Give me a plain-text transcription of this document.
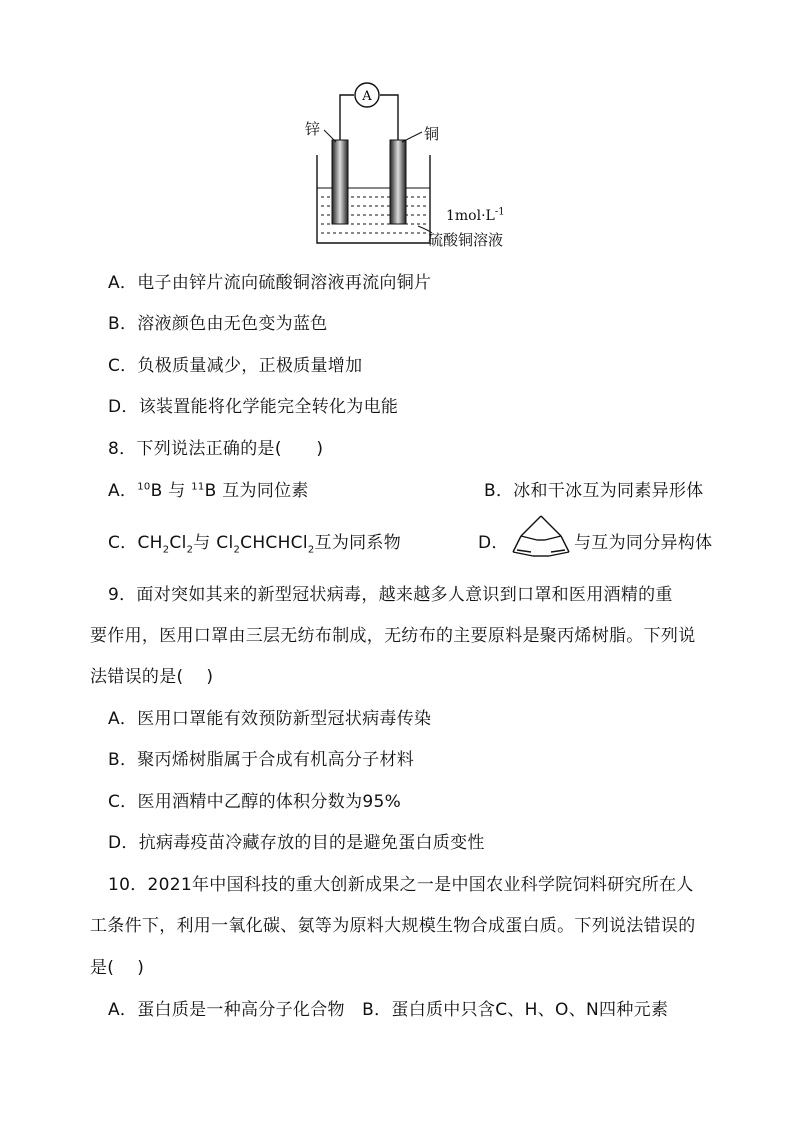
A
锌	铜
$1mol\cdot L^{-1}$
硫酸铜溶液
A．电子由锌片流向硫酸铜溶液再流向铜片
B．溶液颜色由无色变为蓝色
C．负极质量减少，正极质量增加
D．该装置能将化学能完全转化为电能
8．下列说法正确的是(　　)
A．$^{10}$B 与 $^{11}$B 互为同位素	B．冰和干冰互为同素异形体
C．$CH_2Cl_2$与 $Cl_2CHCHCl_2$互为同系物	D．	与互为同分异构体
9．面对突如其来的新型冠状病毒，越来越多人意识到口罩和医用酒精的重
要作用，医用口罩由三层无纺布制成，无纺布的主要原料是聚丙烯树脂。下列说
法错误的是(　 )
A．医用口罩能有效预防新型冠状病毒传染
B．聚丙烯树脂属于合成有机高分子材料
C．医用酒精中乙醇的体积分数为95%
D．抗病毒疫苗冷藏存放的目的是避免蛋白质变性
10．2021年中国科技的重大创新成果之一是中国农业科学院饲料研究所在人
工条件下，利用一氧化碳、氨等为原料大规模生物合成蛋白质。下列说法错误的
是(　 )
A．蛋白质是一种高分子化合物　B．蛋白质中只含C、H、O、N四种元素
